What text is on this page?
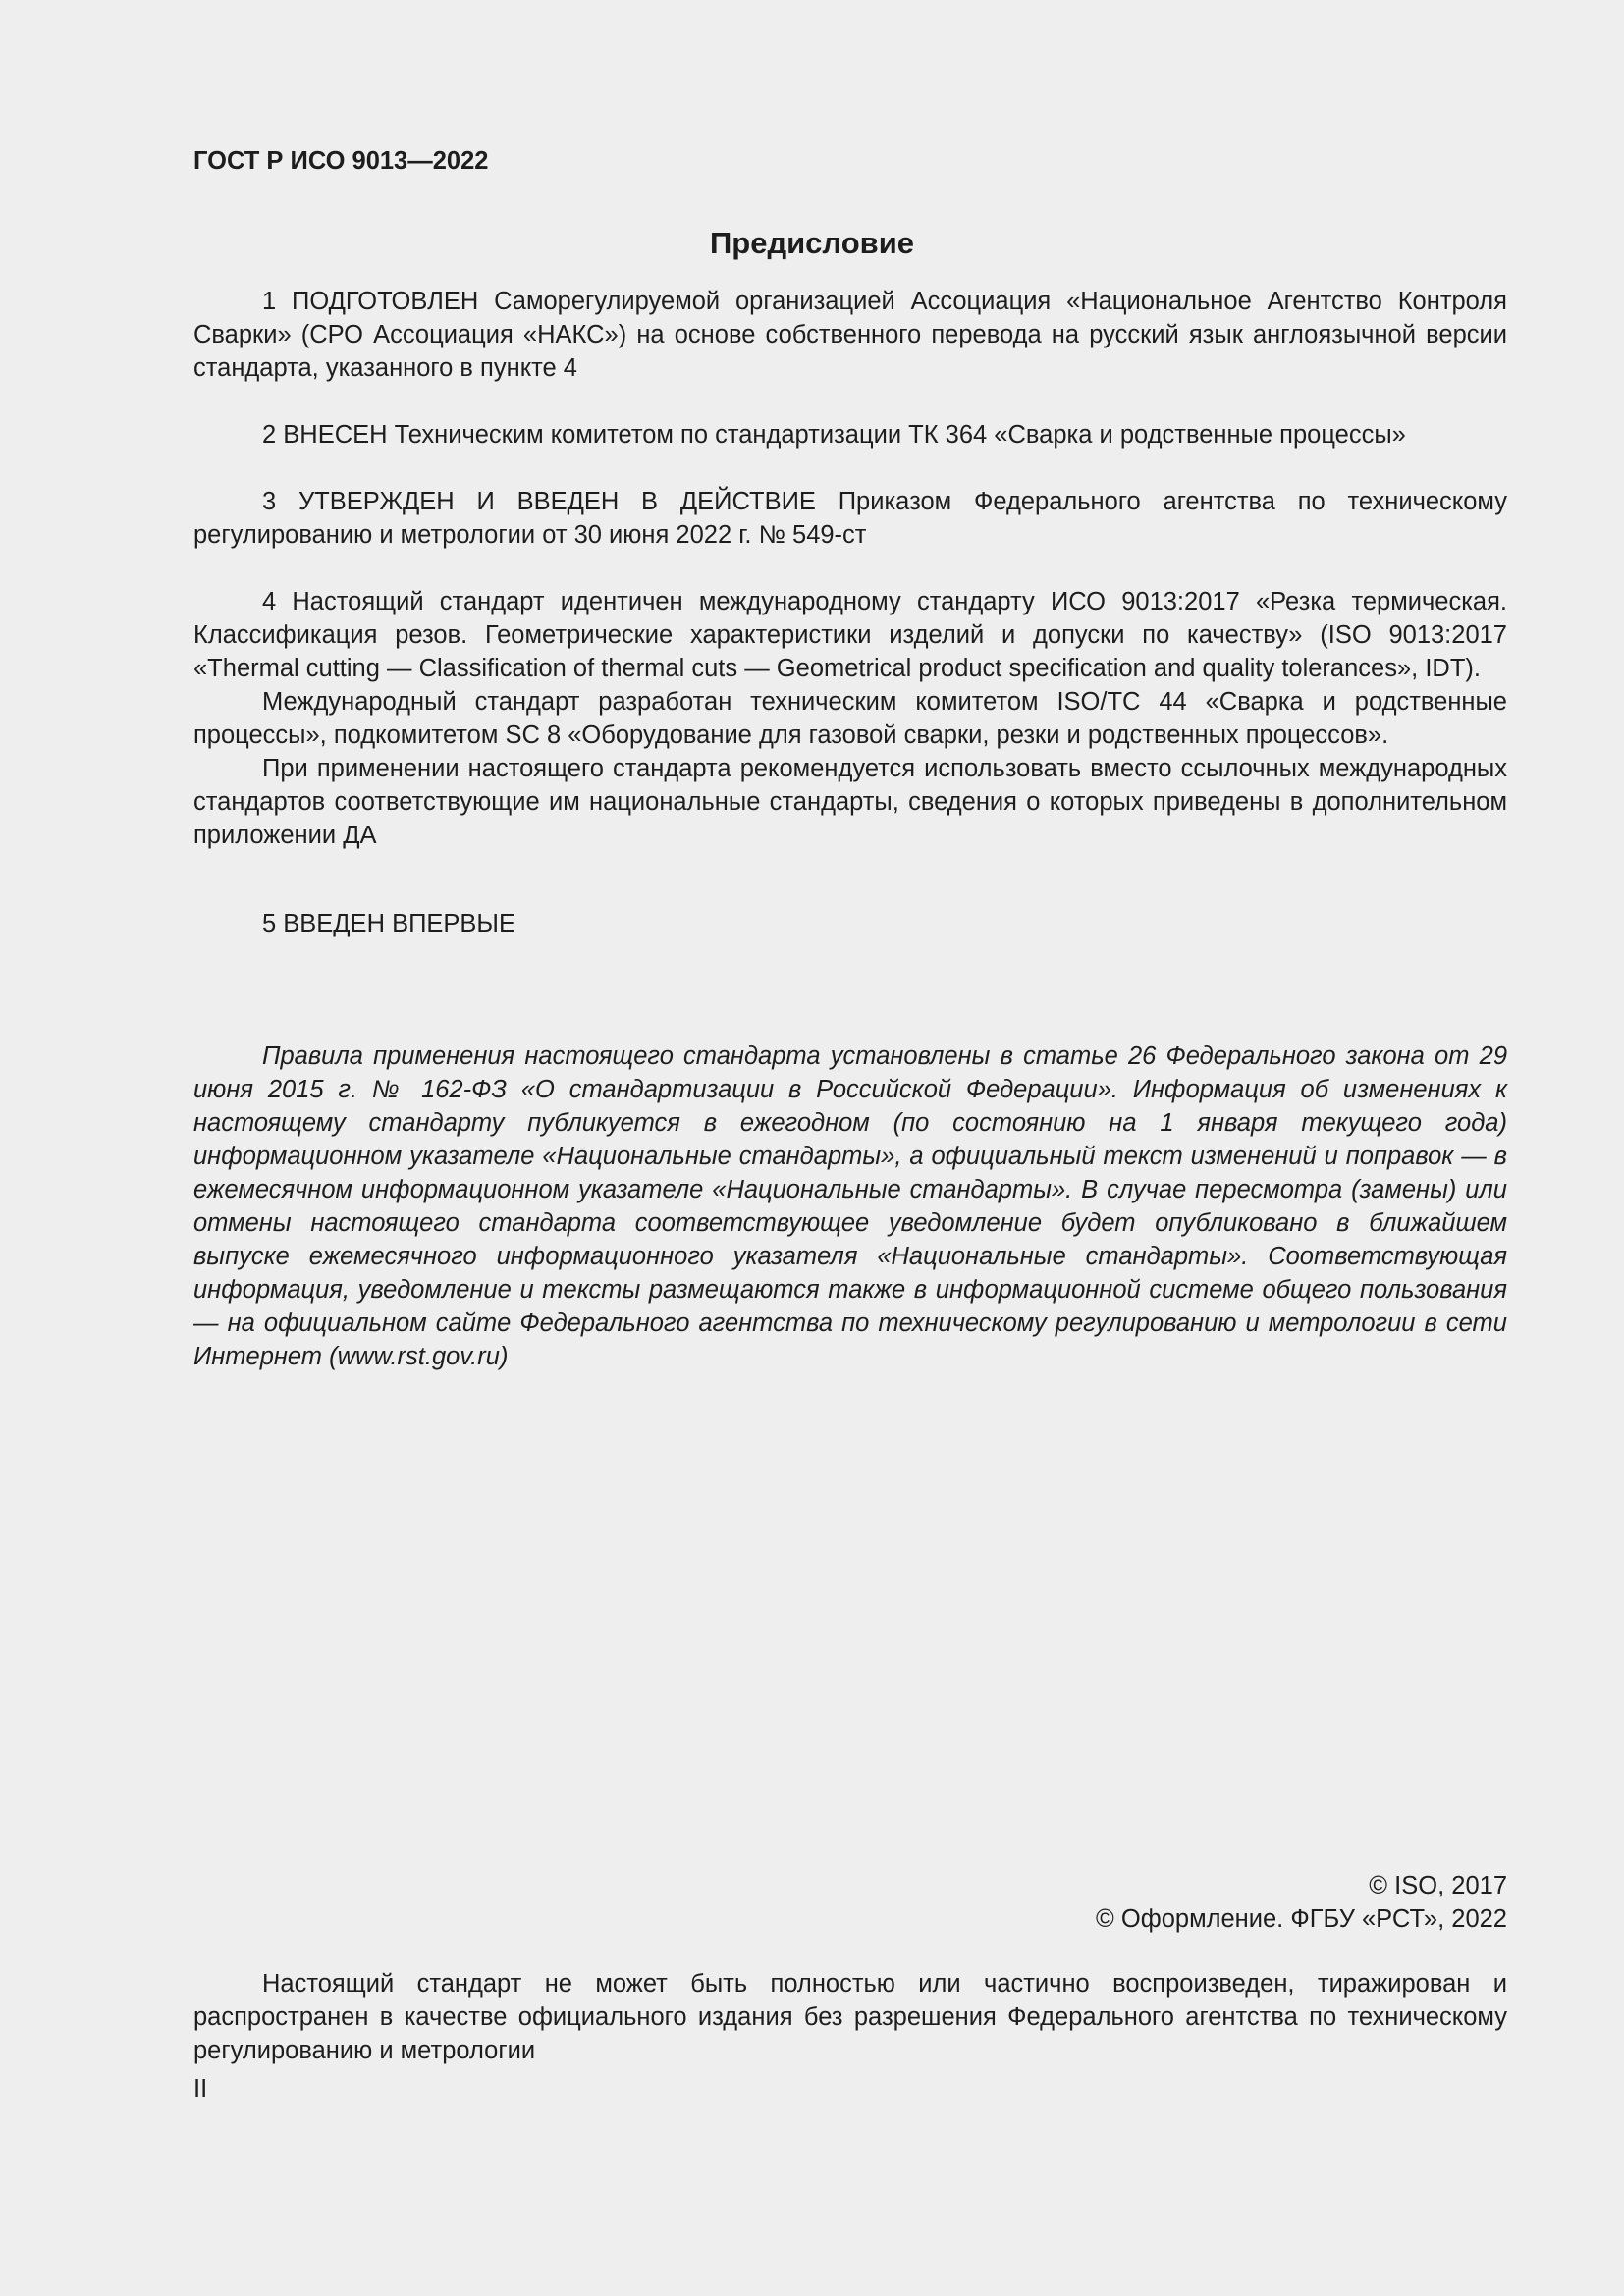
ГОСТ Р ИСО 9013—2022
Предисловие

1 ПОДГОТОВЛЕН Саморегулируемой организацией Ассоциация «Национальное Агентство Контроля Сварки» (СРО Ассоциация «НАКС») на основе собственного перевода на русский язык англоязычной версии стандарта, указанного в пункте 4

2 ВНЕСЕН Техническим комитетом по стандартизации ТК 364 «Сварка и родственные процессы»

3 УТВЕРЖДЕН И ВВЕДЕН В ДЕЙСТВИЕ Приказом Федерального агентства по техническому регулированию и метрологии от 30 июня 2022 г. № 549-ст

4 Настоящий стандарт идентичен международному стандарту ИСО 9013:2017 «Резка термическая. Классификация резов. Геометрические характеристики изделий и допуски по качеству» (ISO 9013:2017 «Thermal cutting — Classification of thermal cuts — Geometrical product specification and quality tolerances», IDT).

Международный стандарт разработан техническим комитетом ISO/TC 44 «Сварка и родственные процессы», подкомитетом SC 8 «Оборудование для газовой сварки, резки и родственных процессов».

При применении настоящего стандарта рекомендуется использовать вместо ссылочных международных стандартов соответствующие им национальные стандарты, сведения о которых приведены в дополнительном приложении ДА

5 ВВЕДЕН ВПЕРВЫЕ

Правила применения настоящего стандарта установлены в статье 26 Федерального закона от 29 июня 2015 г. № 162-ФЗ «О стандартизации в Российской Федерации». Информация об изменениях к настоящему стандарту публикуется в ежегодном (по состоянию на 1 января текущего года) информационном указателе «Национальные стандарты», а официальный текст изменений и поправок — в ежемесячном информационном указателе «Национальные стандарты». В случае пересмотра (замены) или отмены настоящего стандарта соответствующее уведомление будет опубликовано в ближайшем выпуске ежемесячного информационного указателя «Национальные стандарты». Соответствующая информация, уведомление и тексты размещаются также в информационной системе общего пользования — на официальном сайте Федерального агентства по техническому регулированию и метрологии в сети Интернет (www.rst.gov.ru)

© ISO, 2017
© Оформление. ФГБУ «РСТ», 2022

Настоящий стандарт не может быть полностью или частично воспроизведен, тиражирован и распространен в качестве официального издания без разрешения Федерального агентства по техническому регулированию и метрологии

II
